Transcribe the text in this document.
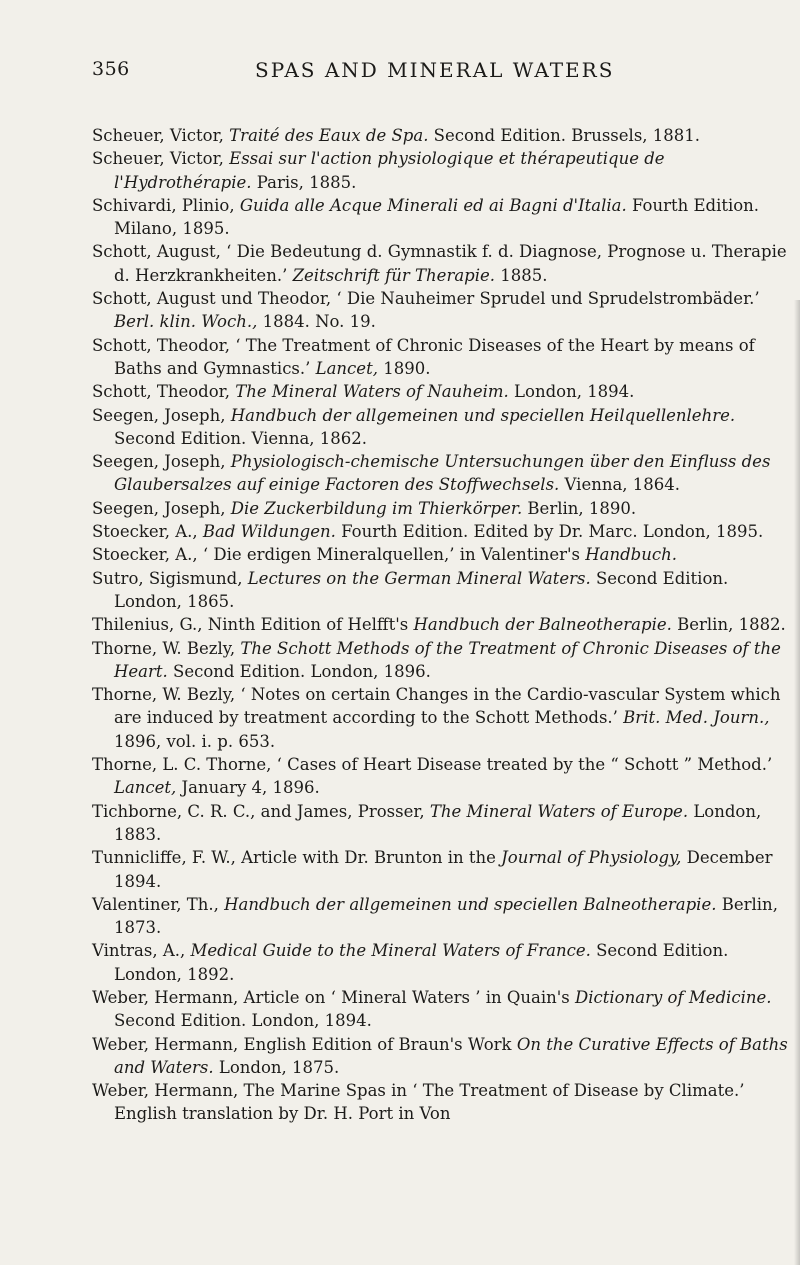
356	SPAS AND MINERAL WATERS

Scheuer, Victor, Traité des Eaux de Spa. Second Edition. Brussels, 1881.

Scheuer, Victor, Essai sur l'action physiologique et thérapeutique de l'Hydrothérapie. Paris, 1885.

Schivardi, Plinio, Guida alle Acque Minerali ed ai Bagni d'Italia. Fourth Edition. Milano, 1895.

Schott, August, ‘ Die Bedeutung d. Gymnastik f. d. Diagnose, Prognose u. Therapie d. Herzkrankheiten.’ Zeitschrift für Therapie. 1885.

Schott, August und Theodor, ‘ Die Nauheimer Sprudel und Sprudelstrombäder.’ Berl. klin. Woch., 1884. No. 19.

Schott, Theodor, ‘ The Treatment of Chronic Diseases of the Heart by means of Baths and Gymnastics.’ Lancet, 1890.

Schott, Theodor, The Mineral Waters of Nauheim. London, 1894.

Seegen, Joseph, Handbuch der allgemeinen und speciellen Heilquellenlehre. Second Edition. Vienna, 1862.

Seegen, Joseph, Physiologisch-chemische Untersuchungen über den Einfluss des Glaubersalzes auf einige Factoren des Stoffwechsels. Vienna, 1864.

Seegen, Joseph, Die Zuckerbildung im Thierkörper. Berlin, 1890.

Stoecker, A., Bad Wildungen. Fourth Edition. Edited by Dr. Marc. London, 1895.

Stoecker, A., ‘ Die erdigen Mineralquellen,’ in Valentiner's Handbuch.

Sutro, Sigismund, Lectures on the German Mineral Waters. Second Edition. London, 1865.

Thilenius, G., Ninth Edition of Helfft's Handbuch der Balneotherapie. Berlin, 1882.

Thorne, W. Bezly, The Schott Methods of the Treatment of Chronic Diseases of the Heart. Second Edition. London, 1896.

Thorne, W. Bezly, ‘ Notes on certain Changes in the Cardio-vascular System which are induced by treatment according to the Schott Methods.’ Brit. Med. Journ., 1896, vol. i. p. 653.

Thorne, L. C. Thorne, ‘ Cases of Heart Disease treated by the “ Schott ” Method.’ Lancet, January 4, 1896.

Tichborne, C. R. C., and James, Prosser, The Mineral Waters of Europe. London, 1883.

Tunnicliffe, F. W., Article with Dr. Brunton in the Journal of Physiology, December 1894.

Valentiner, Th., Handbuch der allgemeinen und speciellen Balneotherapie. Berlin, 1873.

Vintras, A., Medical Guide to the Mineral Waters of France. Second Edition. London, 1892.

Weber, Hermann, Article on ‘ Mineral Waters ’ in Quain's Dictionary of Medicine. Second Edition. London, 1894.

Weber, Hermann, English Edition of Braun's Work On the Curative Effects of Baths and Waters. London, 1875.

Weber, Hermann, The Marine Spas in ‘ The Treatment of Disease by Climate.’ English translation by Dr. H. Port in Von
